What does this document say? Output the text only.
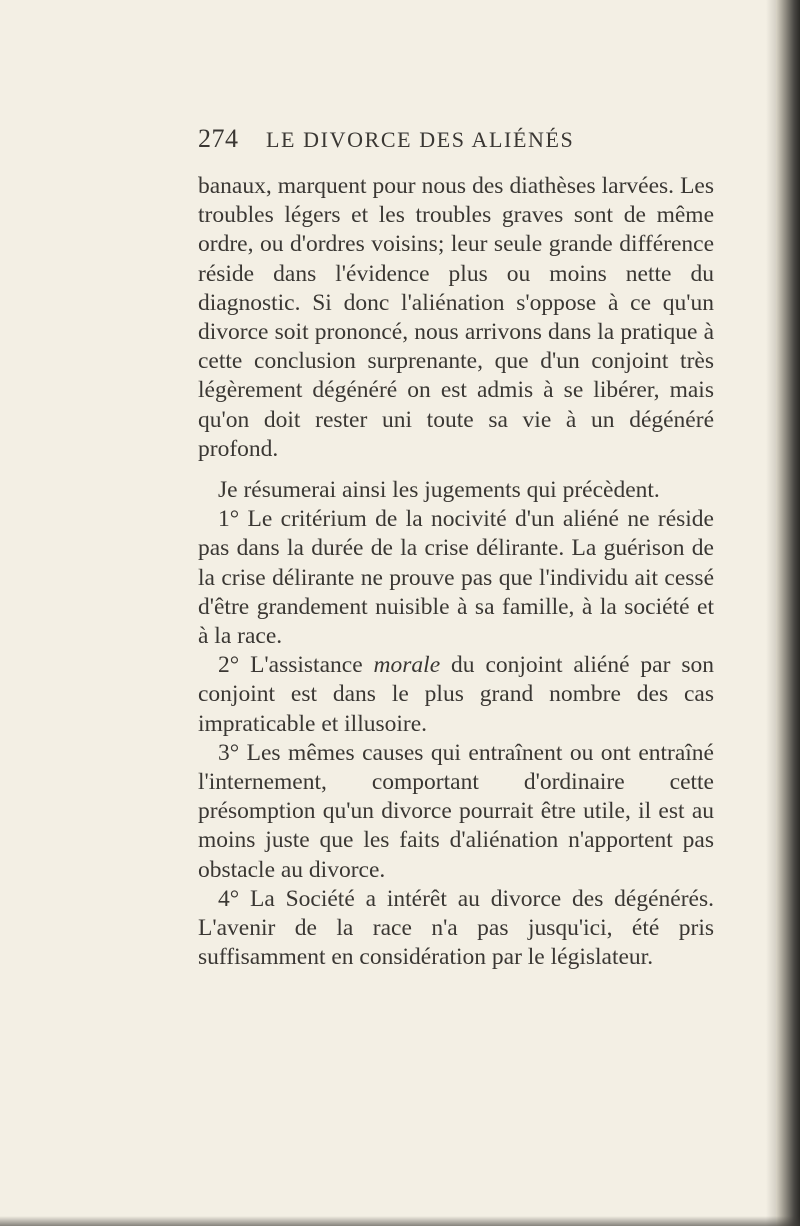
274 LE DIVORCE DES ALIÉNÉS

banaux, marquent pour nous des diathèses larvées. Les troubles légers et les troubles graves sont de même ordre, ou d'ordres voisins; leur seule grande différence réside dans l'évidence plus ou moins nette du diagnostic. Si donc l'aliénation s'oppose à ce qu'un divorce soit prononcé, nous arrivons dans la pratique à cette conclusion surprenante, que d'un conjoint très légèrement dégénéré on est admis à se libérer, mais qu'on doit rester uni toute sa vie à un dégénéré profond.

Je résumerai ainsi les jugements qui précèdent.

1° Le critérium de la nocivité d'un aliéné ne réside pas dans la durée de la crise délirante. La guérison de la crise délirante ne prouve pas que l'individu ait cessé d'être grandement nuisible à sa famille, à la société et à la race.

2° L'assistance morale du conjoint aliéné par son conjoint est dans le plus grand nombre des cas impraticable et illusoire.

3° Les mêmes causes qui entraînent ou ont entraîné l'internement, comportant d'ordinaire cette présomption qu'un divorce pourrait être utile, il est au moins juste que les faits d'aliénation n'apportent pas obstacle au divorce.

4° La Société a intérêt au divorce des dégénérés. L'avenir de la race n'a pas jusqu'ici, été pris suffisamment en considération par le législateur.
